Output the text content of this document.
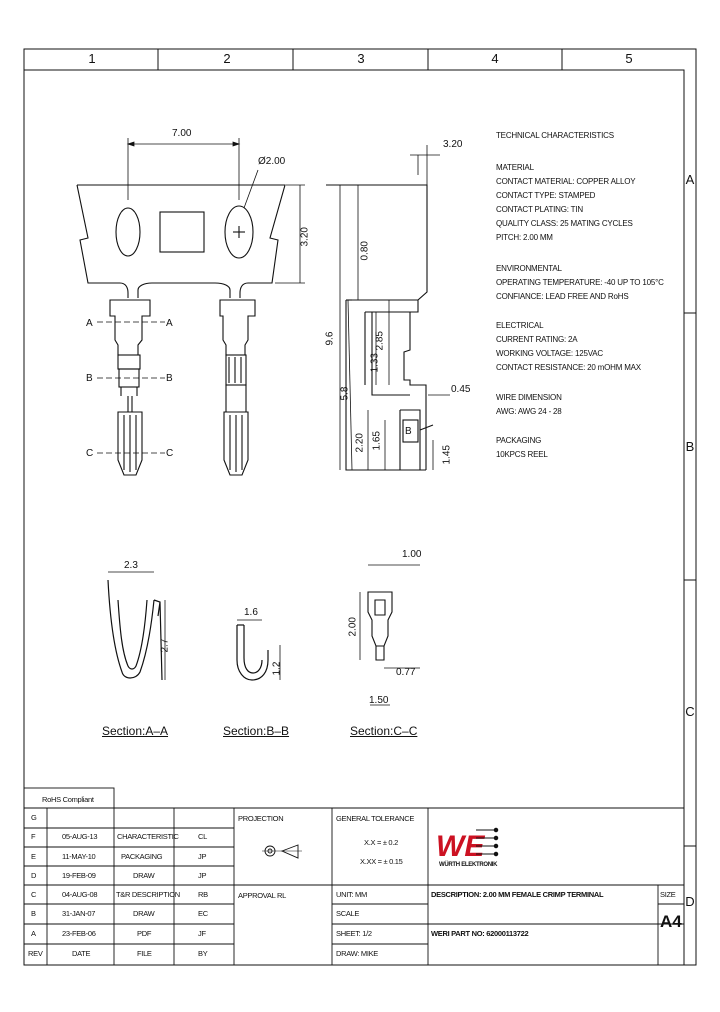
1	2	3	4	5
A
B
C
D
TECHNICAL CHARACTERISTICS
MATERIAL
CONTACT MATERIAL: COPPER ALLOY
CONTACT TYPE: STAMPED
CONTACT PLATING: TIN
QUALITY CLASS: 25 MATING CYCLES
PITCH: 2.00 MM
ENVIRONMENTAL
OPERATING TEMPERATURE: -40 UP TO 105°C
CONFIANCE: LEAD FREE AND RoHS
ELECTRICAL
CURRENT RATING: 2A
WORKING VOLTAGE: 125VAC
CONTACT RESISTANCE: 20 mOHM MAX
WIRE DIMENSION
AWG: AWG 24 - 28
PACKAGING
10KPCS REEL
7.00
Ø2.00
3.20
3.20
0.80
2.85
1.33
9.6
5.8	0.45
2.20 1.65
1.45
2.3
2.7
1.6
1.2
1.00
2.00
0.77
1.50
A	A
B	B
C	C
B
Section:A–A	Section:B–B	Section:C–C
RoHS Compliant
G
F	05-AUG-13	CHARACTERISTIC	CL
E	11-MAY-10	PACKAGING	JP
D	19-FEB-09	DRAW	JP
C	04-AUG-08	T&R DESCRIPTION RB
B	31-JAN-07	DRAW	EC
A	23-FEB-06	PDF	JF
REV	DATE	FILE	BY
PROJECTION
APPROVAL RL
GENERAL TOLERANCE
X.X = ± 0.2
X.XX = ± 0.15
UNIT: MM
SCALE
SHEET: 1/2
DRAW: MIKE
DESCRIPTION: 2.00 MM FEMALE CRIMP TERMINAL
WERI PART NO: 62000113722
SIZE
A4
WE
WÜRTH ELEKTRONIK
